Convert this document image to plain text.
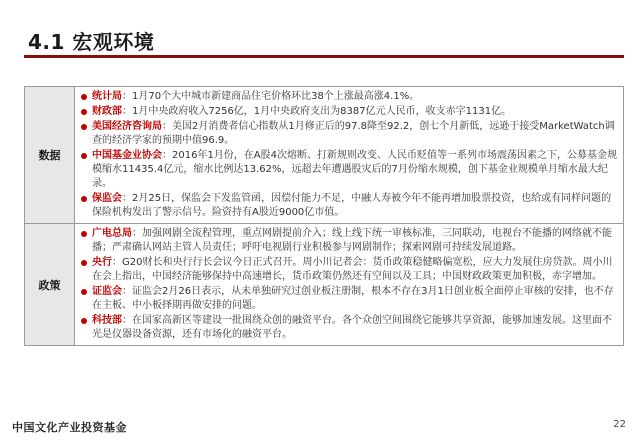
4.1 宏观环境
数据	统计局：1月70个大中城市新建商品住宅价格环比38个上涨最高涨4.1%。
财政部：1月中央政府收入7256亿，1月中央政府支出为8387亿元人民币，收支赤字1131亿。
美国经济咨询局：美国2月消费者信心指数从1月修正后的97.8降至92.2，创七个月新低，远逊于接受MarketWatch调查的经济学家的预期中值96.9。
中国基金业协会：2016年1月份，在A股4次熔断、打新规则改变、人民币贬值等一系列市场震荡因素之下，公募基金规模缩水11435.4亿元，缩水比例达13.62%，远超去年遭遇股灾后的7月份缩水规模，创下基金业规模单月缩水最大纪录。
保监会：2月25日，保监会下发监管函，因偿付能力不足，中融人寿被今年不能再增加股票投资，也给或有同样问题的保险机构发出了警示信号。险资持有A股近9000亿市值。

政策	广电总局：加强网剧全流程管理，重点网剧提前介入；线上线下统一审核标准，三同联动，电视台不能播的网络就不能播；严肃确认网站主管人员责任；呼吁电视剧行业积极参与网剧制作；探索网剧可持续发展道路。
央行：G20财长和央行行长会议今日正式召开。周小川记者会：货币政策稳健略偏宽松，应大力发展住房贷款。周小川在会上指出，中国经济能够保持中高速增长，货币政策仍然还有空间以及工具；中国财政政策更加积极，赤字增加。
证监会：证监会2月26日表示，从未单独研究过创业板注册制，根本不存在3月1日创业板全面停止审核的安排，也不存在主板、中小板择期再做安排的问题。
科技部：在国家高新区等建设一批围绕众创的融资平台。各个众创空间围绕它能够共享资源，能够加速发展。这里面不光是仪器设备资源，还有市场化的融资平台。
中国文化产业投资基金	22
